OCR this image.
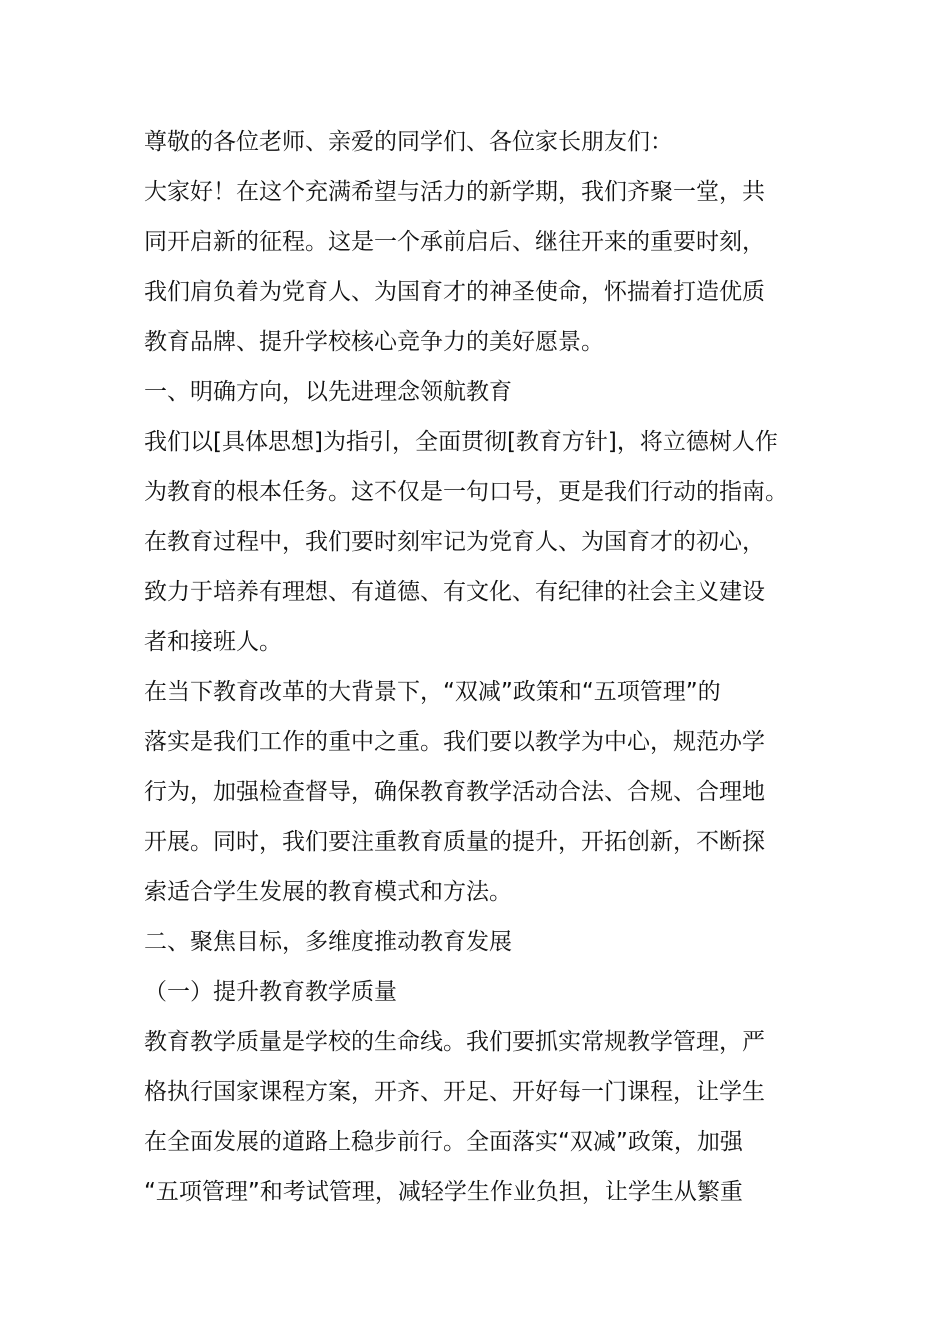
尊敬的各位老师、亲爱的同学们、各位家长朋友们：
大家好！在这个充满希望与活力的新学期，我们齐聚一堂，共
同开启新的征程。这是一个承前启后、继往开来的重要时刻，
我们肩负着为党育人、为国育才的神圣使命，怀揣着打造优质
教育品牌、提升学校核心竞争力的美好愿景。
一、明确方向，以先进理念领航教育
我们以[具体思想]为指引，全面贯彻[教育方针]，将立德树人作
为教育的根本任务。这不仅是一句口号，更是我们行动的指南。
在教育过程中，我们要时刻牢记为党育人、为国育才的初心，
致力于培养有理想、有道德、有文化、有纪律的社会主义建设
者和接班人。
在当下教育改革的大背景下，“双减”政策和“五项管理”的
落实是我们工作的重中之重。我们要以教学为中心，规范办学
行为，加强检查督导，确保教育教学活动合法、合规、合理地
开展。同时，我们要注重教育质量的提升，开拓创新，不断探
索适合学生发展的教育模式和方法。
二、聚焦目标，多维度推动教育发展
（一）提升教育教学质量
教育教学质量是学校的生命线。我们要抓实常规教学管理，严
格执行国家课程方案，开齐、开足、开好每一门课程，让学生
在全面发展的道路上稳步前行。全面落实“双减”政策，加强
“五项管理”和考试管理，减轻学生作业负担，让学生从繁重
